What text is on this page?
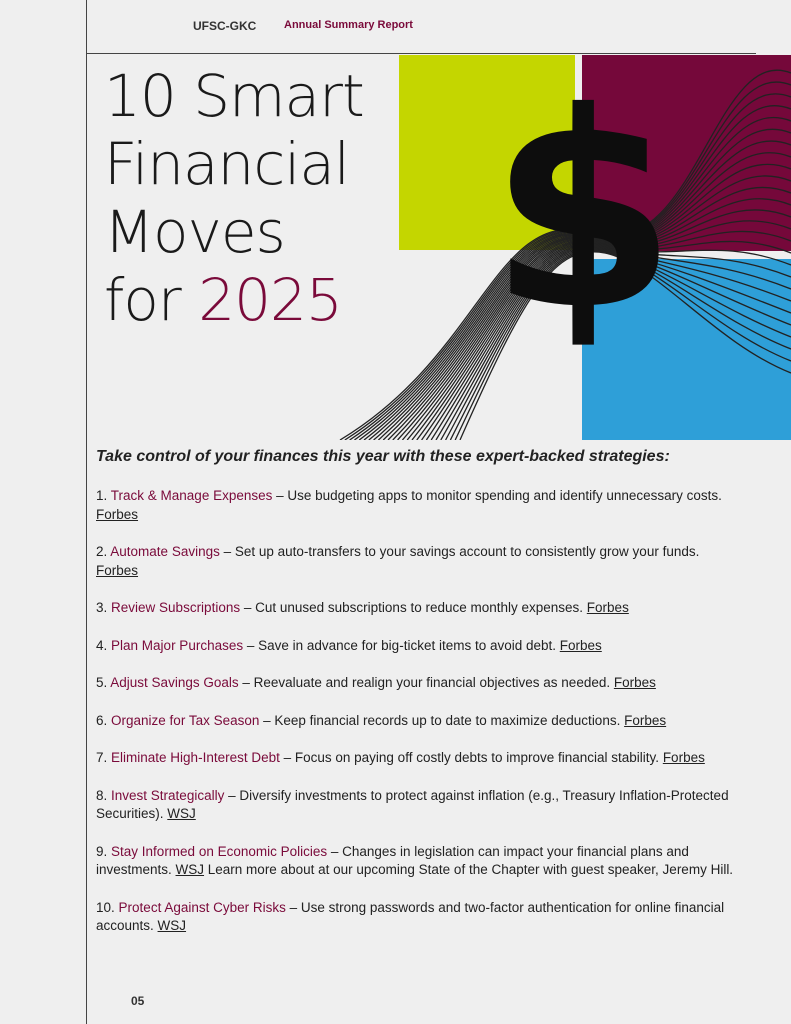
UFSC-GKC	Annual Summary Report
10 Smart
Financial
Moves
for 2025 $
Take control of your finances this year with these expert-backed strategies:

1. Track & Manage Expenses – Use budgeting apps to monitor spending and identify unnecessary costs. Forbes

2. Automate Savings – Set up auto-transfers to your savings account to consistently grow your funds. Forbes

3. Review Subscriptions – Cut unused subscriptions to reduce monthly expenses. Forbes

4. Plan Major Purchases – Save in advance for big-ticket items to avoid debt. Forbes

5. Adjust Savings Goals – Reevaluate and realign your financial objectives as needed. Forbes

6. Organize for Tax Season – Keep financial records up to date to maximize deductions. Forbes

7. Eliminate High-Interest Debt – Focus on paying off costly debts to improve financial stability. Forbes

8. Invest Strategically – Diversify investments to protect against inflation (e.g., Treasury Inflation-Protected Securities). WSJ

9. Stay Informed on Economic Policies – Changes in legislation can impact your financial plans and investments. WSJ Learn more about at our upcoming State of the Chapter with guest speaker, Jeremy Hill.

10. Protect Against Cyber Risks – Use strong passwords and two-factor authentication for online financial accounts. WSJ

05
